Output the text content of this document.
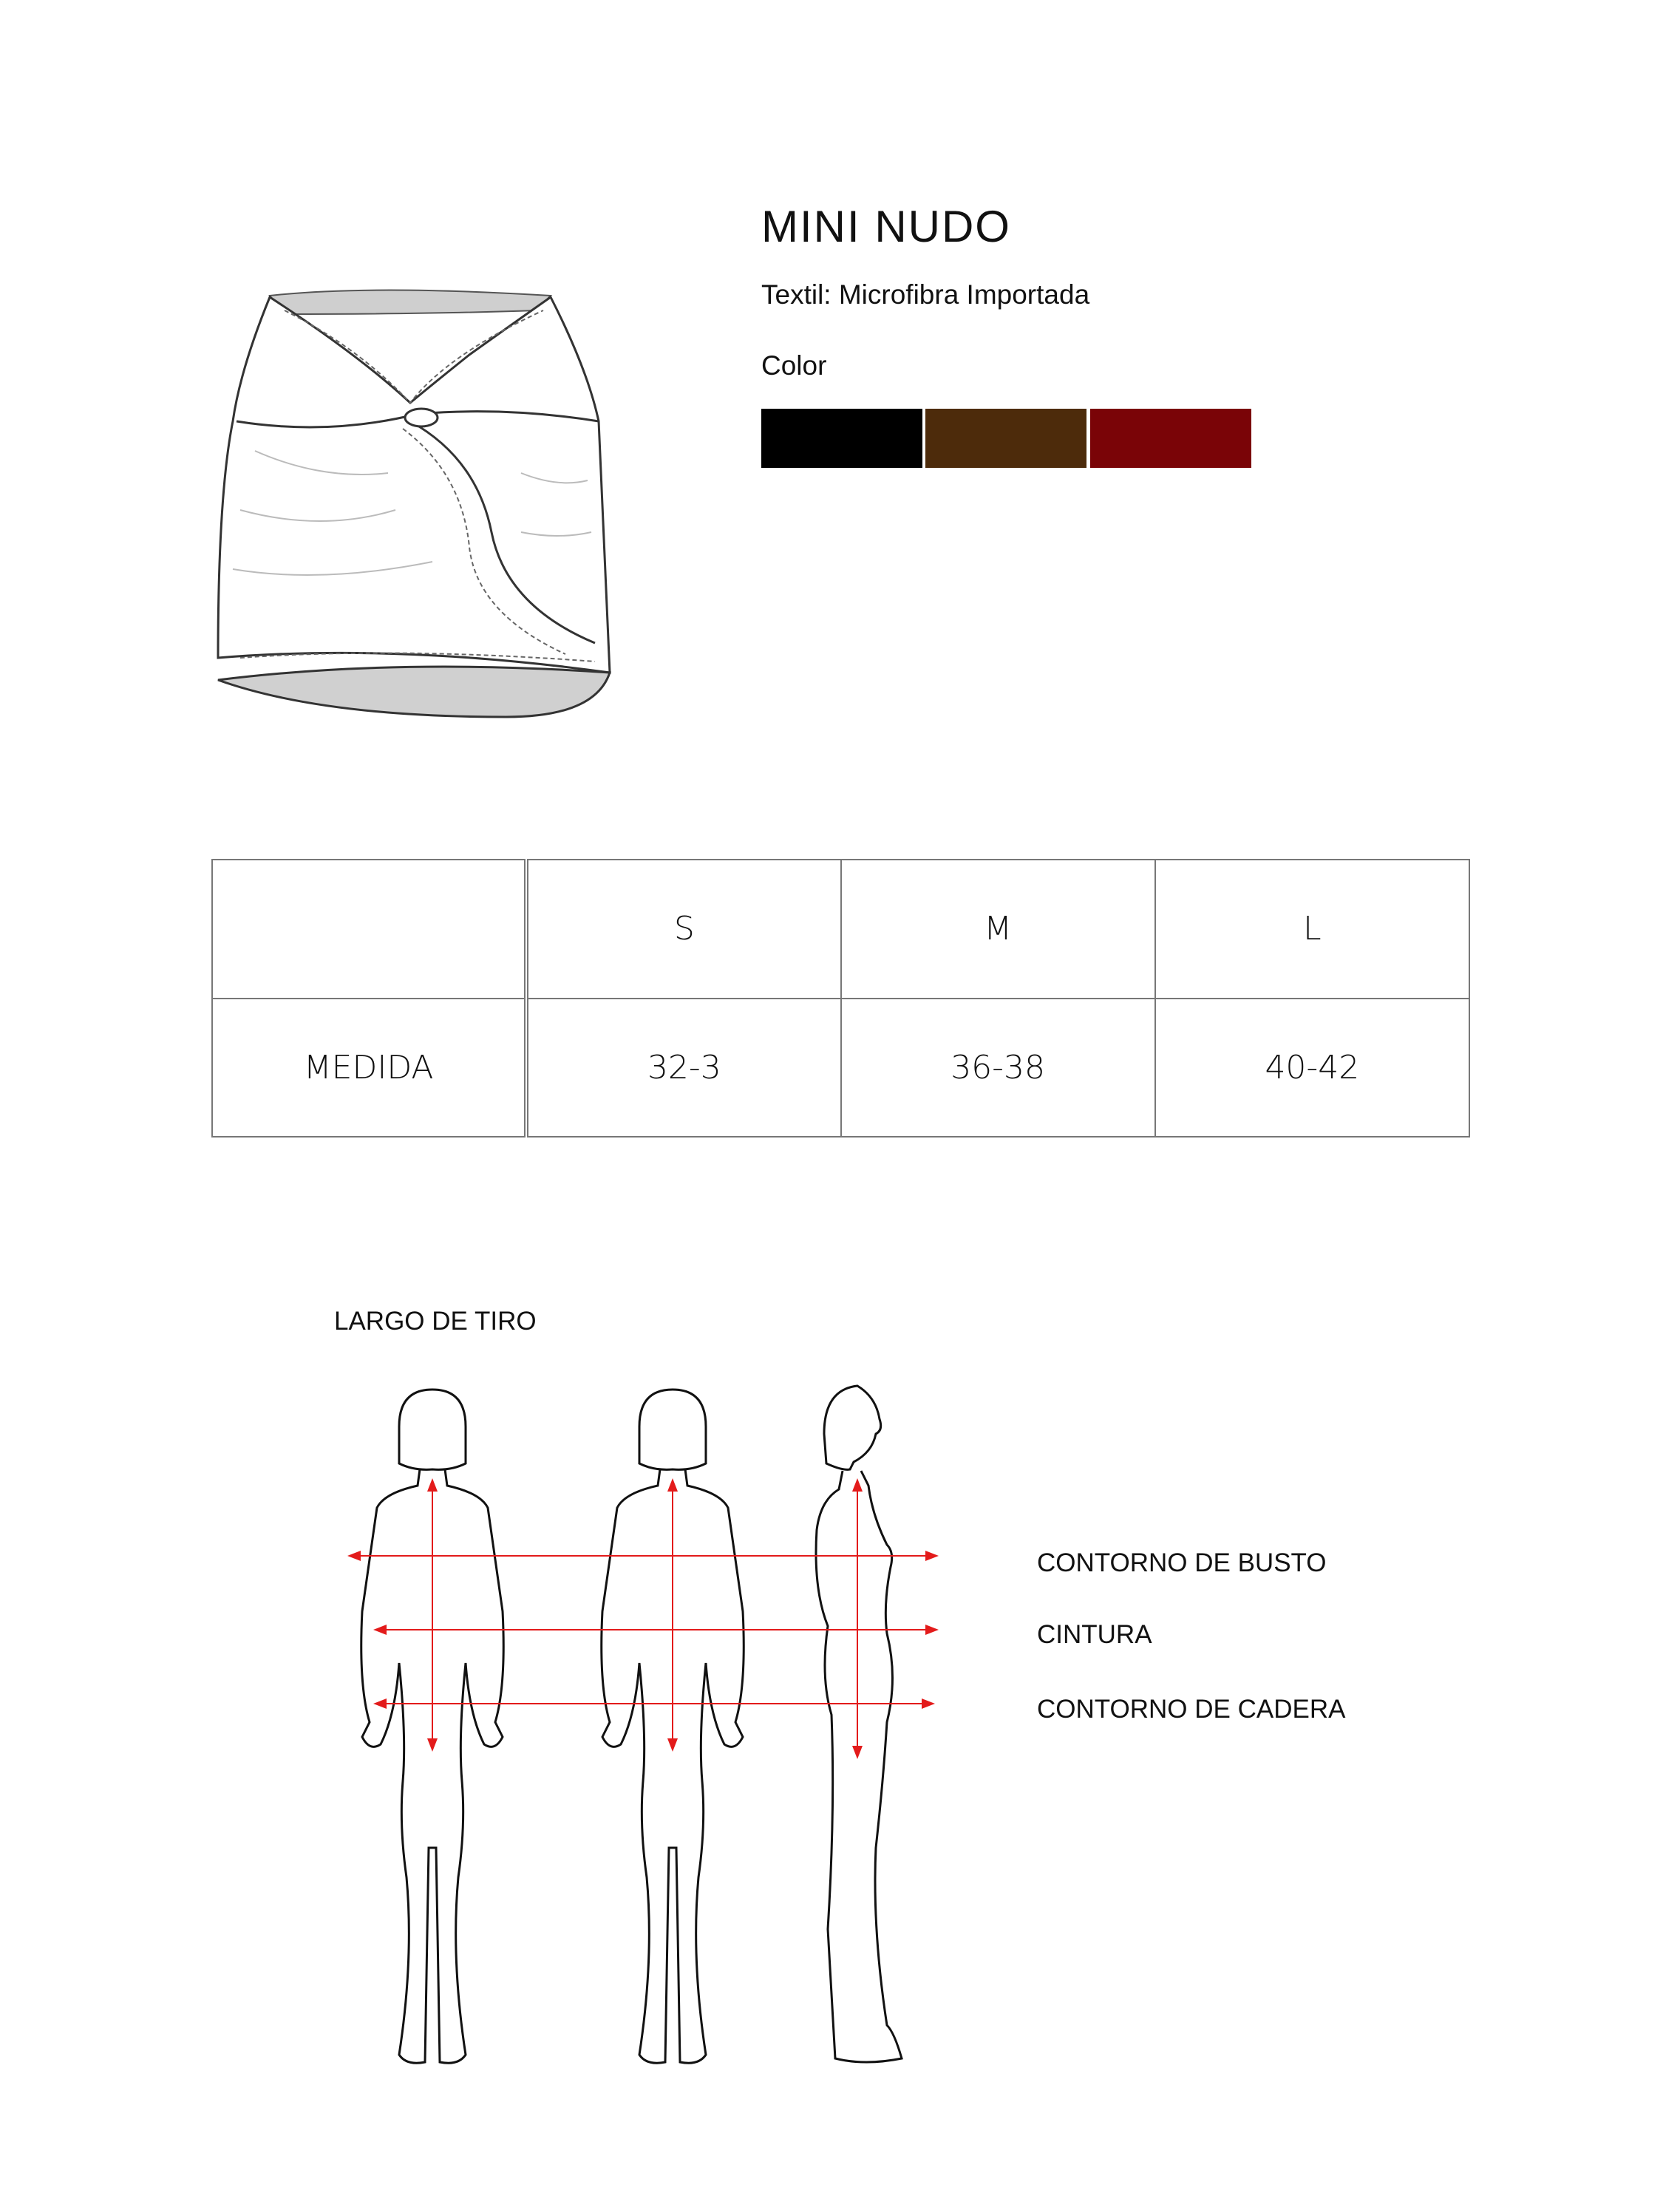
MINI NUDO
Textil: Microfibra Importada
Color
	S	M	L
MEDIDA	32-3	36-38	40-42
LARGO DE TIRO
CONTORNO DE BUSTO
CINTURA
CONTORNO DE CADERA
